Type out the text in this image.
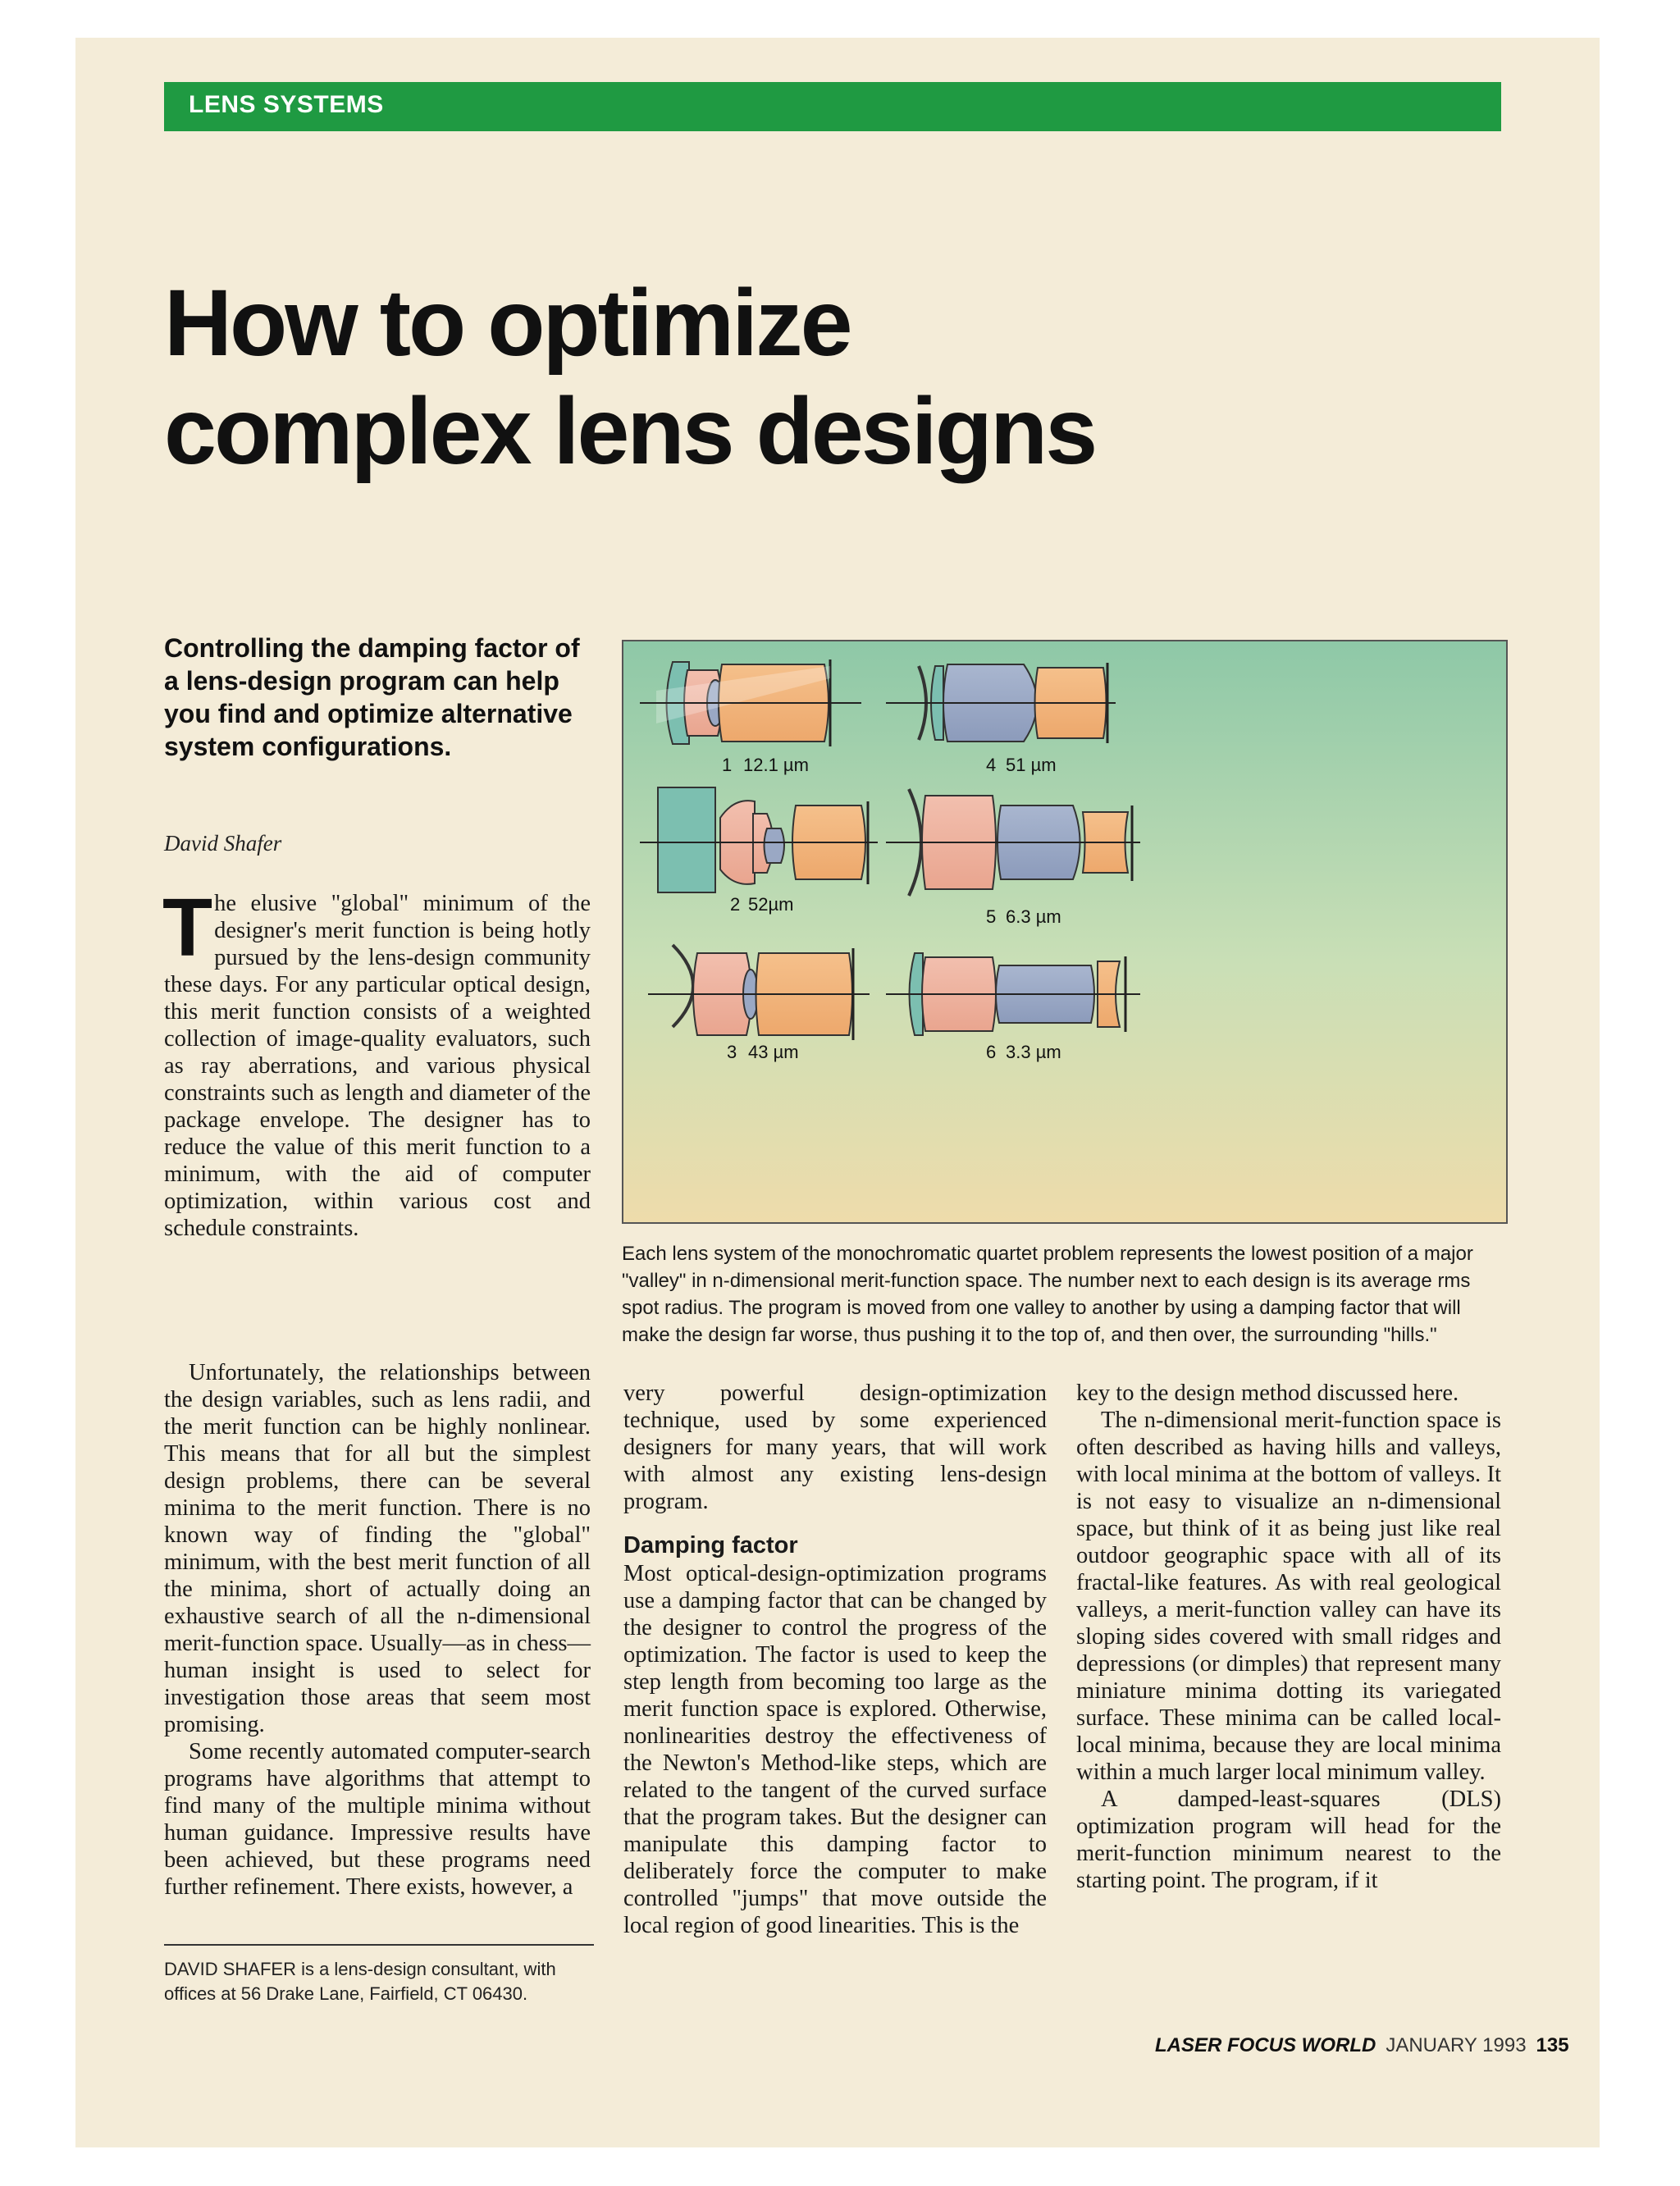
LENS SYSTEMS
How to optimize
complex lens designs
Controlling the damping factor of a lens-design program can help you find and optimize alternative system configurations.
David Shafer

The elusive "global" minimum of the designer's merit function is being hotly pursued by the lens-design community these days. For any particular optical design, this merit function consists of a weighted collection of image-quality evaluators, such as ray aberrations, and various physical constraints such as length and diameter of the package envelope. The designer has to reduce the value of this merit function to a minimum, with the aid of computer optimization, within various cost and schedule constraints.

Unfortunately, the relationships between the design variables, such as lens radii, and the merit function can be highly nonlinear. This means that for all but the simplest design problems, there can be several minima to the merit function. There is no known way of finding the "global" minimum, with the best merit function of all the minima, short of actually doing an exhaustive search of all the n-dimensional merit-function space. Usually—as in chess—human insight is used to select for investigation those areas that seem most promising.

Some recently automated computer-search programs have algorithms that attempt to find many of the multiple minima without human guidance. Impressive results have been achieved, but these programs need further refinement. There exists, however, a

very powerful design-optimization technique, used by some experienced designers for many years, that will work with almost any existing lens-design program.

Damping factor

Most optical-design-optimization programs use a damping factor that can be changed by the designer to control the progress of the optimization. The factor is used to keep the step length from becoming too large as the merit function space is explored. Otherwise, nonlinearities destroy the effectiveness of the Newton's Method-like steps, which are related to the tangent of the curved surface that the program takes. But the designer can manipulate this damping factor to deliberately force the computer to make controlled "jumps" that move outside the local region of good linearities. This is the

key to the design method discussed here.

The n-dimensional merit-function space is often described as having hills and valleys, with local minima at the bottom of valleys. It is not easy to visualize an n-dimensional space, but think of it as being just like real outdoor geographic space with all of its fractal-like features. As with real geological valleys, a merit-function valley can have its sloping sides covered with small ridges and depressions (or dimples) that represent many miniature minima dotting its variegated surface. These minima can be called local-local minima, because they are local minima within a much larger local minimum valley.

A damped-least-squares (DLS) optimization program will head for the merit-function minimum nearest to the starting point. The program, if it

DAVID SHAFER is a lens-design consultant, with offices at 56 Drake Lane, Fairfield, CT 06430.
1 12.1 µm
2 52µm
3 43 µm
4 51 µm
5 6.3 µm
6 3.3 µm
Each lens system of the monochromatic quartet problem represents the lowest position of a major "valley" in n-dimensional merit-function space. The number next to each design is its average rms spot radius. The program is moved from one valley to another by using a damping factor that will make the design far worse, thus pushing it to the top of, and then over, the surrounding "hills."
LASER FOCUS WORLD JANUARY 1993 135
